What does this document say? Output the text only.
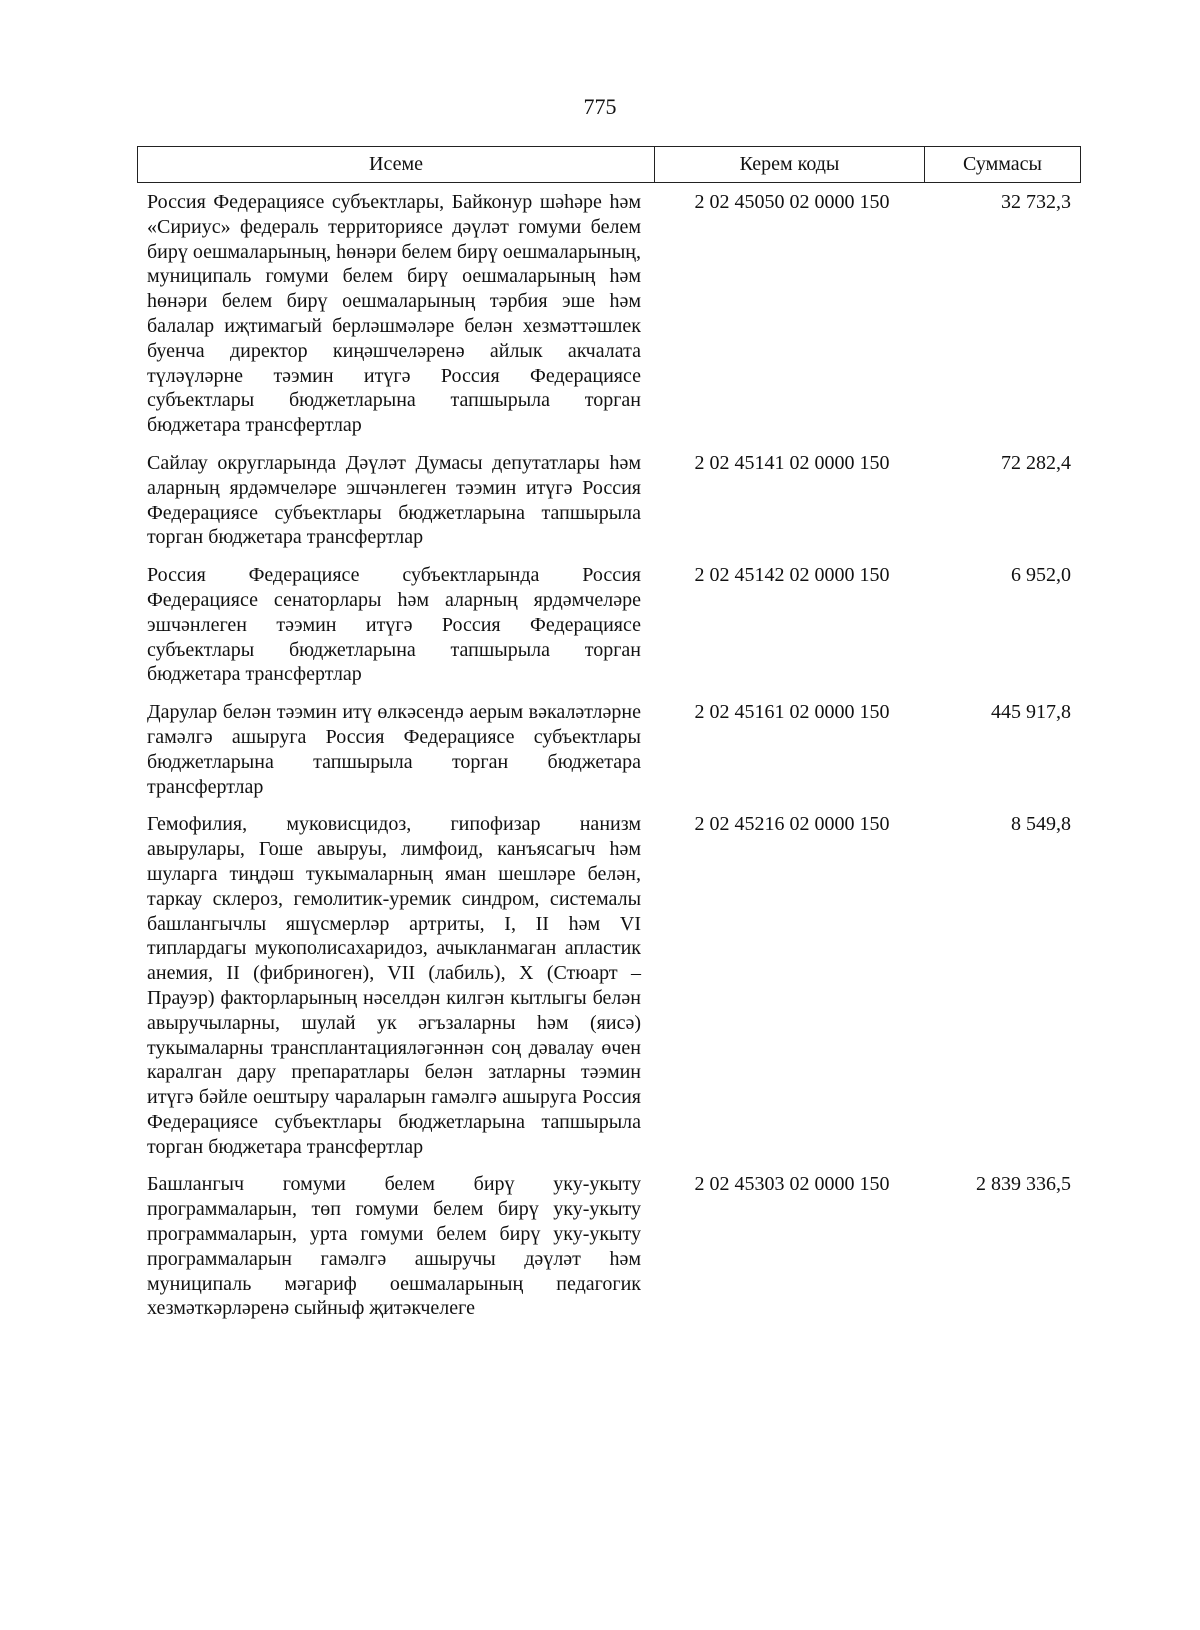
775
Исеме	Керем коды	Суммасы
Россия Федерациясе субъектлары, Байконур шәһәре һәм «Сириус» федераль территориясе дәүләт гомуми белем бирү оешмаларының, һөнәри белем бирү оешмаларының, муниципаль гомуми белем бирү оешмаларының һәм һөнәри белем бирү оешмаларының тәрбия эше һәм балалар иҗтимагый берләшмәләре белән хезмәттәшлек буенча директор киңәшчеләренә айлык акчалата түләүләрне тәэмин итүгә Россия Федерациясе субъектлары бюджетларына тапшырыла торган бюджетара трансфертлар
2 02 45050 02 0000 150	32 732,3
Сайлау округларында Дәүләт Думасы депутатлары һәм аларның ярдәмчеләре эшчәнлеген тәэмин итүгә Россия Федерациясе субъектлары бюджетларына тапшырыла торган бюджетара трансфертлар
2 02 45141 02 0000 150	72 282,4
Россия Федерациясе субъектларында Россия Федерациясе сенаторлары һәм аларның ярдәмчеләре эшчәнлеген тәэмин итүгә Россия Федерациясе субъектлары бюджетларына тапшырыла торган бюджетара трансфертлар
2 02 45142 02 0000 150	6 952,0
Дарулар белән тәэмин итү өлкәсендә аерым вәкаләтләрне гамәлгә ашыруга Россия Федерациясе субъектлары бюджетларына тапшырыла торган бюджетара трансфертлар
2 02 45161 02 0000 150	445 917,8
Гемофилия, муковисцидоз, гипофизар нанизм авырулары, Гоше авыруы, лимфоид, канъясагыч һәм шуларга тиңдәш тукымаларның яман шешләре белән, таркау склероз, гемолитик-уремик синдром, системалы башлангычлы яшүсмерләр артриты, I, II һәм VI типлардагы мукополисахаридоз, ачыкланмаган апластик анемия, II (фибриноген), VII (лабиль), X (Стюарт – Прауэр) факторларының нәселдән килгән кытлыгы белән авыручыларны, шулай ук әгъзаларны һәм (яисә) тукымаларны трансплантацияләгәннән соң дәвалау өчен каралган дару препаратлары белән затларны тәэмин итүгә бәйле оештыру чараларын гамәлгә ашыруга Россия Федерациясе субъектлары бюджетларына тапшырыла торган бюджетара трансфертлар
2 02 45216 02 0000 150	8 549,8
Башлангыч гомуми белем бирү уку-укыту программаларын, төп гомуми белем бирү уку-укыту программаларын, урта гомуми белем бирү уку-укыту программаларын гамәлгә ашыручы дәүләт һәм муниципаль мәгариф оешмаларының педагогик хезмәткәрләренә сыйныф җитәкчелеге
2 02 45303 02 0000 150	2 839 336,5
